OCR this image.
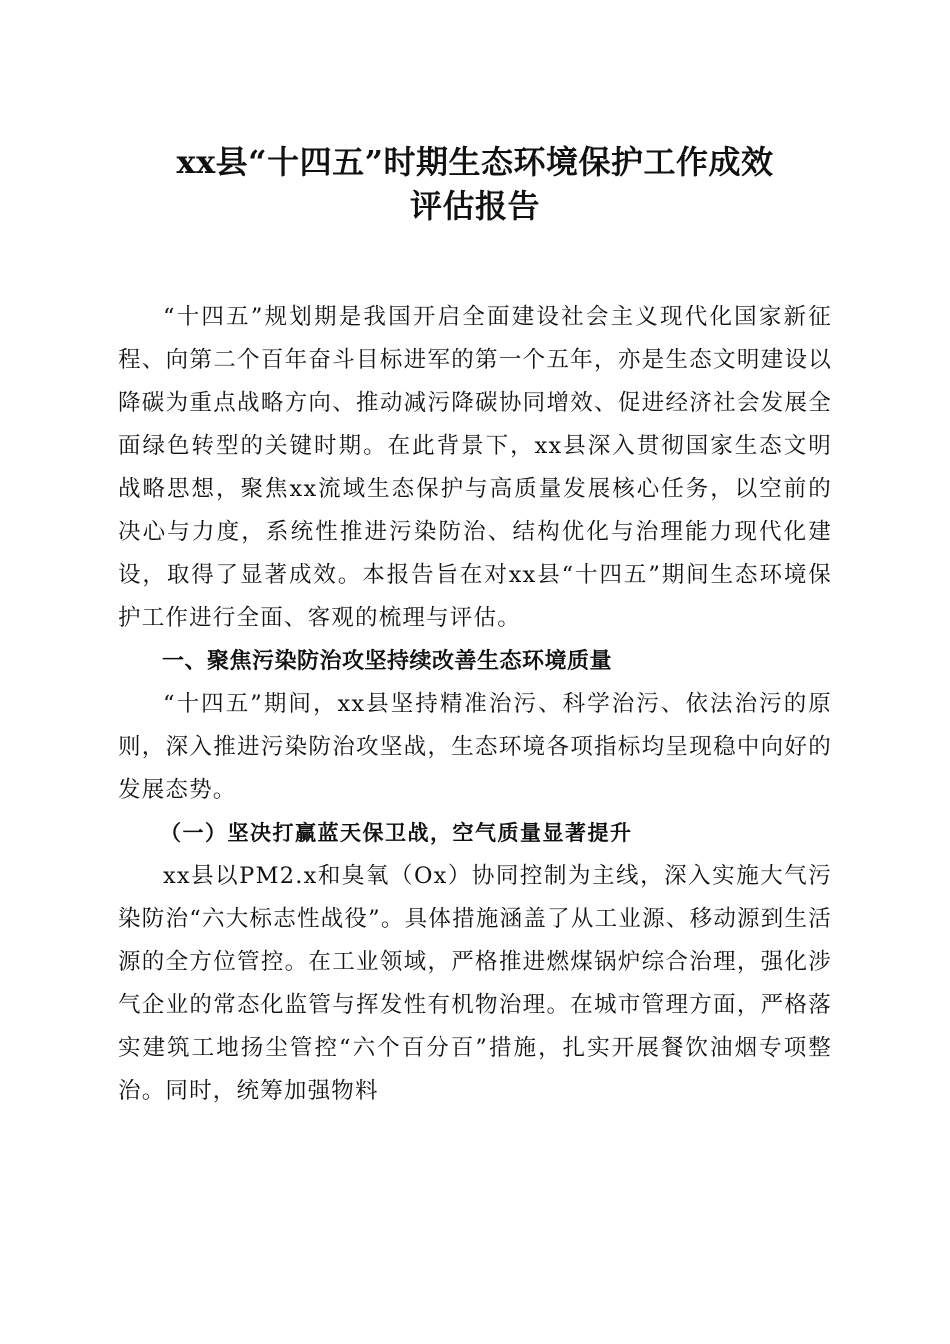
xx县“十四五”时期生态环境保护工作成效
评估报告

“十四五”规划期是我国开启全面建设社会主义现代化国家新征程、向第二个百年奋斗目标进军的第一个五年，亦是生态文明建设以降碳为重点战略方向、推动减污降碳协同增效、促进经济社会发展全面绿色转型的关键时期。在此背景下，xx县深入贯彻国家生态文明战略思想，聚焦xx流域生态保护与高质量发展核心任务，以空前的决心与力度，系统性推进污染防治、结构优化与治理能力现代化建设，取得了显著成效。本报告旨在对xx县“十四五”期间生态环境保护工作进行全面、客观的梳理与评估。

一、聚焦污染防治攻坚持续改善生态环境质量

“十四五”期间，xx县坚持精准治污、科学治污、依法治污的原则，深入推进污染防治攻坚战，生态环境各项指标均呈现稳中向好的发展态势。

（一）坚决打赢蓝天保卫战，空气质量显著提升

xx县以PM2.x和臭氧（Ox）协同控制为主线，深入实施大气污染防治“六大标志性战役”。具体措施涵盖了从工业源、移动源到生活源的全方位管控。在工业领域，严格推进燃煤锅炉综合治理，强化涉气企业的常态化监管与挥发性有机物治理。在城市管理方面，严格落实建筑工地扬尘管控“六个百分百”措施，扎实开展餐饮油烟专项整治。同时，统筹加强物料
